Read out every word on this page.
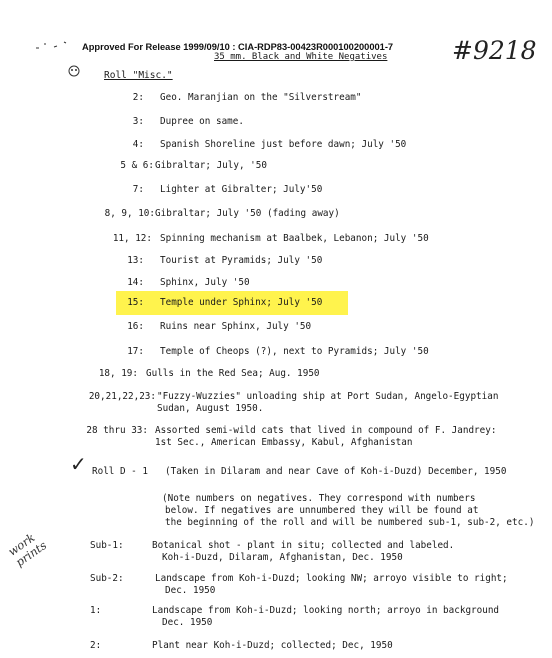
Approved For Release 1999/09/10 : CIA-RDP83-00423R000100200001-7
35 mm. Black and White Negatives	#9218
Roll "Misc."
2: Geo. Maranjian on the "Silverstream"
3: Dupree on same.
4: Spanish Shoreline just before dawn; July '50
5 & 6: Gibraltar; July, '50
7: Lighter at Gibralter; July'50
8, 9, 10: Gibraltar; July '50 (fading away)
11, 12: Spinning mechanism at Baalbek, Lebanon; July '50
13: Tourist at Pyramids; July '50
14: Sphinx, July '50
15: Temple under Sphinx; July '50
16: Ruins near Sphinx, July '50
17: Temple of Cheops (?), next to Pyramids; July '50
18, 19: Gulls in the Red Sea; Aug. 1950
20,21,22,23: "Fuzzy-Wuzzies" unloading ship at Port Sudan, Angelo-Egyptian
Sudan, August 1950.
28 thru 33: Assorted semi-wild cats that lived in compound of F. Jandrey:
1st Sec., American Embassy, Kabul, Afghanistan
✓ Roll D - 1 (Taken in Dilaram and near Cave of Koh-i-Duzd) December, 1950
(Note numbers on negatives. They correspond with numbers
below. If negatives are unnumbered they will be found at
the beginning of the roll and will be numbered sub-1, sub-2, etc.)
Sub-1:	Botanical shot - plant in situ; collected and labeled.
Koh-i-Duzd, Dilaram, Afghanistan, Dec. 1950
Sub-2:	Landscape from Koh-i-Duzd; looking NW; arroyo visible to right;
Dec. 1950
1:	Landscape from Koh-i-Duzd; looking north; arroyo in background
Dec. 1950
2:	Plant near Koh-i-Duzd; collected; Dec, 1950
work prints
